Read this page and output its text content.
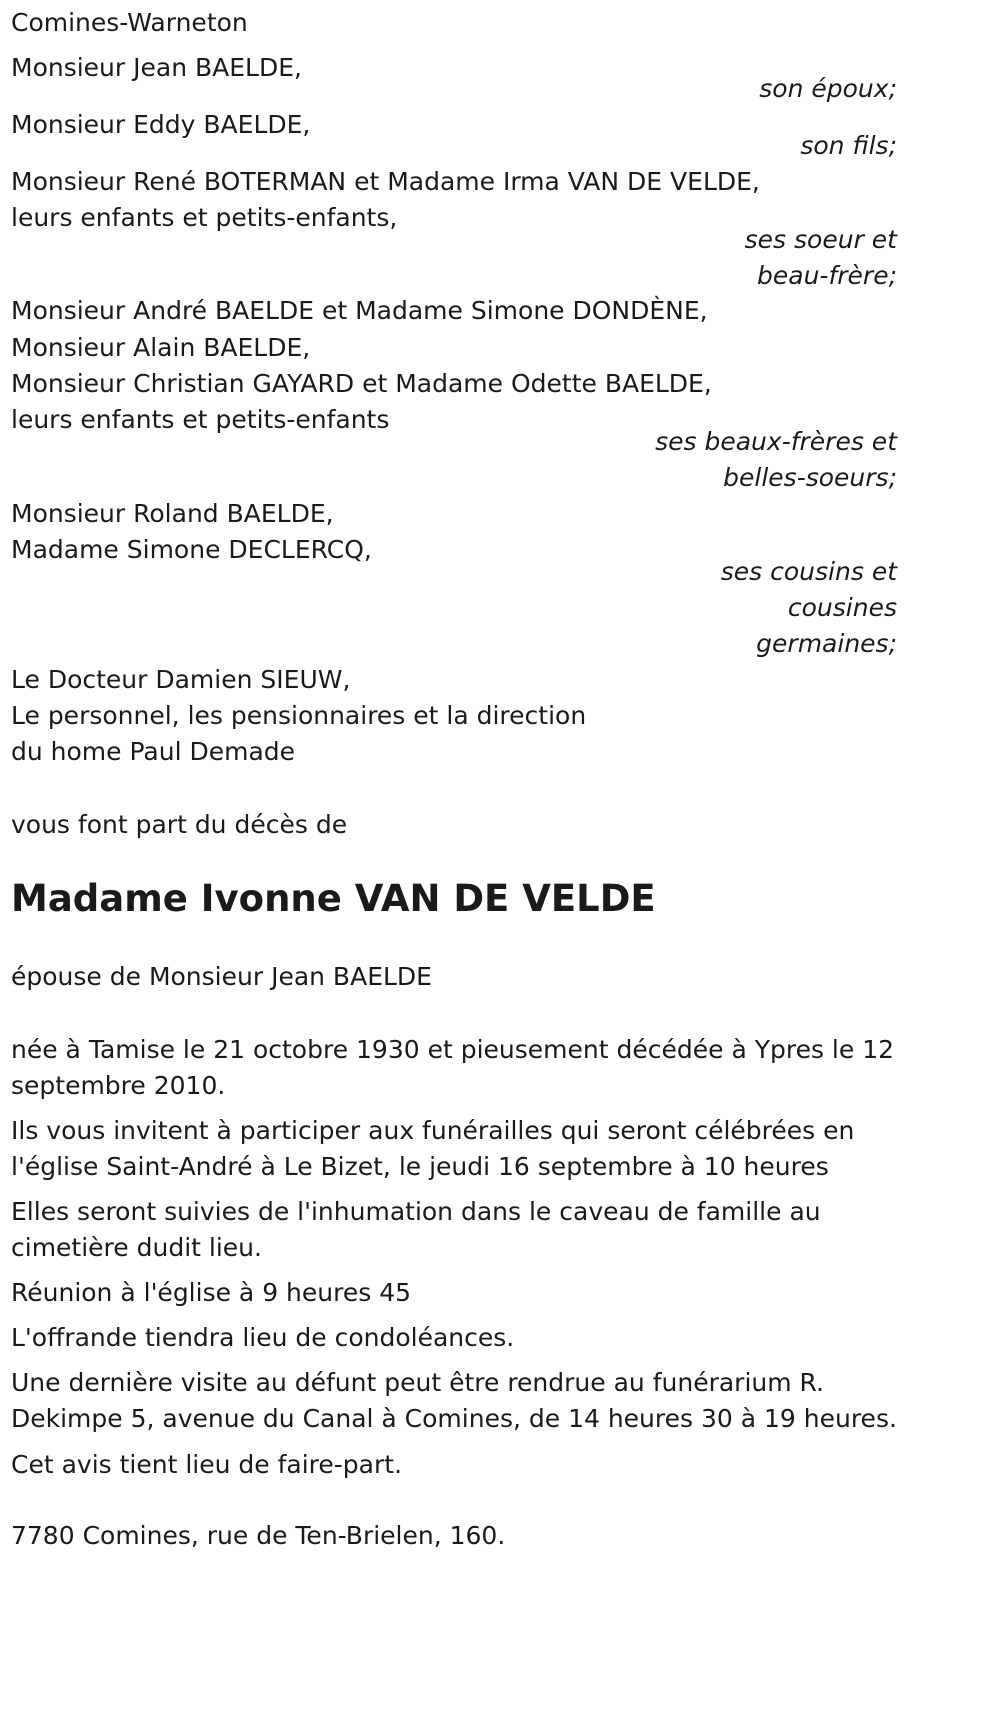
Comines-Warneton
Monsieur Jean BAELDE,
son époux;
Monsieur Eddy BAELDE,
son fils;
Monsieur René BOTERMAN et Madame Irma VAN DE VELDE,
leurs enfants et petits-enfants,
ses soeur et
beau-frère;
Monsieur André BAELDE et Madame Simone DONDÈNE,
Monsieur Alain BAELDE,
Monsieur Christian GAYARD et Madame Odette BAELDE,
leurs enfants et petits-enfants
ses beaux-frères et
belles-soeurs;
Monsieur Roland BAELDE,
Madame Simone DECLERCQ,
ses cousins et
cousines
germaines;
Le Docteur Damien SIEUW,
Le personnel, les pensionnaires et la direction
du home Paul Demade
vous font part du décès de
Madame Ivonne VAN DE VELDE
épouse de Monsieur Jean BAELDE
née à Tamise le 21 octobre 1930 et pieusement décédée à Ypres le 12
septembre 2010.
Ils vous invitent à participer aux funérailles qui seront célébrées en
l'église Saint-André à Le Bizet, le jeudi 16 septembre à 10 heures
Elles seront suivies de l'inhumation dans le caveau de famille au
cimetière dudit lieu.
Réunion à l'église à 9 heures 45
L'offrande tiendra lieu de condoléances.
Une dernière visite au défunt peut être rendrue au funérarium R.
Dekimpe 5, avenue du Canal à Comines, de 14 heures 30 à 19 heures.
Cet avis tient lieu de faire-part.
7780 Comines, rue de Ten-Brielen, 160.
